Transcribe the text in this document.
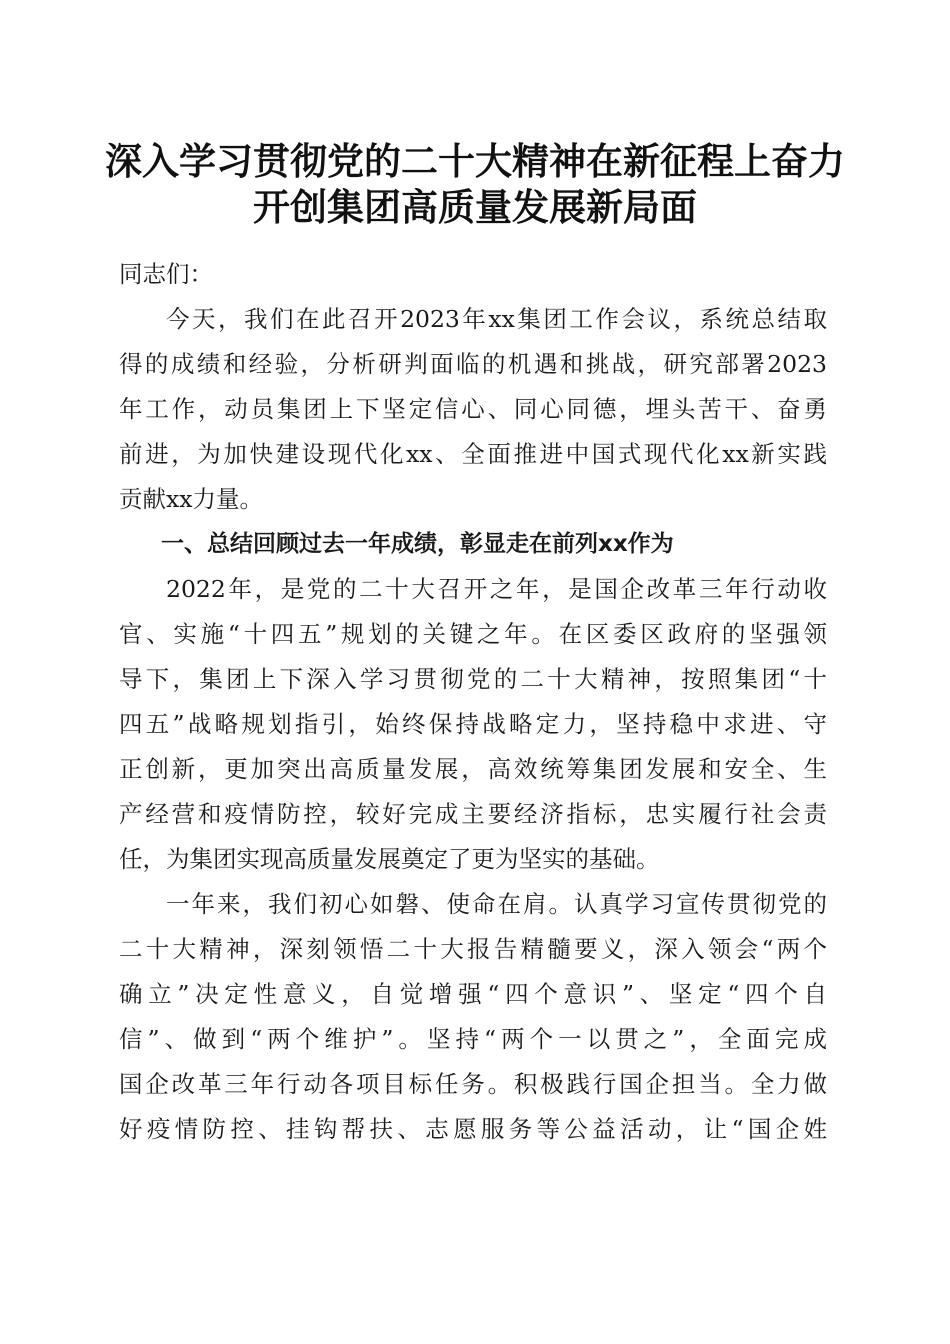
深入学习贯彻党的二十大精神在新征程上奋力
开创集团高质量发展新局面
同志们：
今天，我们在此召开2023年xx集团工作会议，系统总结取
得的成绩和经验，分析研判面临的机遇和挑战，研究部署2023
年工作，动员集团上下坚定信心、同心同德，埋头苦干、奋勇
前进，为加快建设现代化xx、全面推进中国式现代化xx新实践
贡献xx力量。
一、总结回顾过去一年成绩，彰显走在前列xx作为
2022年，是党的二十大召开之年，是国企改革三年行动收
官、实施“十四五”规划的关键之年。在区委区政府的坚强领
导下，集团上下深入学习贯彻党的二十大精神，按照集团“十
四五”战略规划指引，始终保持战略定力，坚持稳中求进、守
正创新，更加突出高质量发展，高效统筹集团发展和安全、生
产经营和疫情防控，较好完成主要经济指标，忠实履行社会责
任，为集团实现高质量发展奠定了更为坚实的基础。
一年来，我们初心如磐、使命在肩。认真学习宣传贯彻党的
二十大精神，深刻领悟二十大报告精髓要义，深入领会“两个
确立”决定性意义，自觉增强“四个意识”、坚定“四个自
信”、做到“两个维护”。坚持“两个一以贯之”，全面完成
国企改革三年行动各项目标任务。积极践行国企担当。全力做
好疫情防控、挂钩帮扶、志愿服务等公益活动，让“国企姓
